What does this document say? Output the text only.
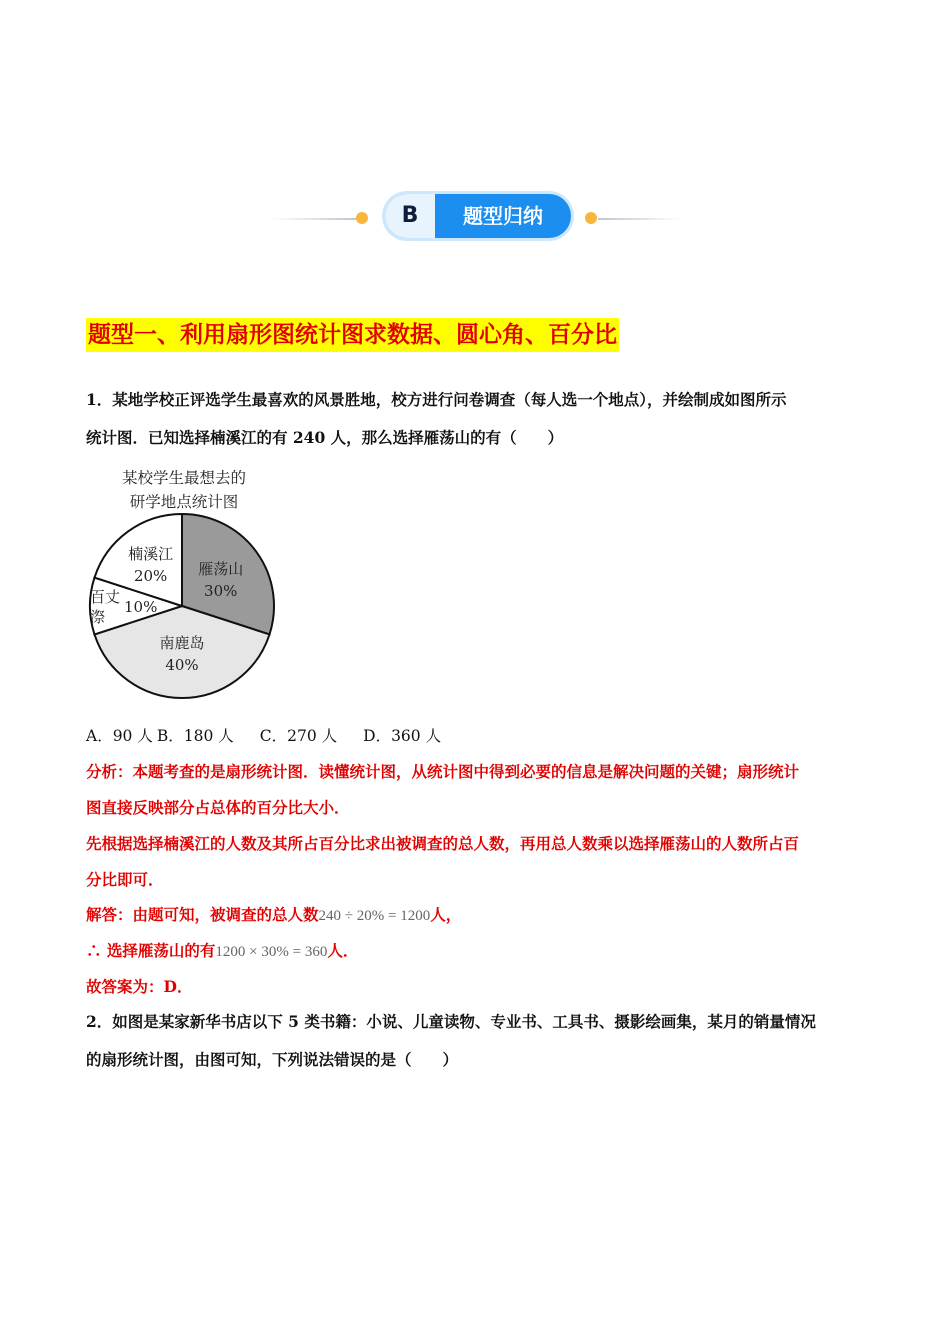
B	题型归纳
题型一、利用扇形图统计图求数据、圆心角、百分比
1．某地学校正评选学生最喜欢的风景胜地，校方进行问卷调查（每人选一个地点），并绘制成如图所示
统计图．已知选择楠溪江的有 240 人，那么选择雁荡山的有（　　）
某校学生最想去的
研学地点统计图
雁荡山
30%
南鹿岛
40%
百丈漈
10%
楠溪江
20%
A．90 人 B．180 人 C．270 人 D．360 人
分析：本题考查的是扇形统计图．读懂统计图，从统计图中得到必要的信息是解决问题的关键；扇形统计
图直接反映部分占总体的百分比大小．
先根据选择楠溪江的人数及其所占百分比求出被调查的总人数，再用总人数乘以选择雁荡山的人数所占百
分比即可．
解答：由题可知，被调查的总人数240 ÷ 20% = 1200人，
∴ 选择雁荡山的有1200 × 30% = 360人．
故答案为：D．
2．如图是某家新华书店以下 5 类书籍：小说、儿童读物、专业书、工具书、摄影绘画集，某月的销量情况
的扇形统计图，由图可知，下列说法错误的是（　　）
